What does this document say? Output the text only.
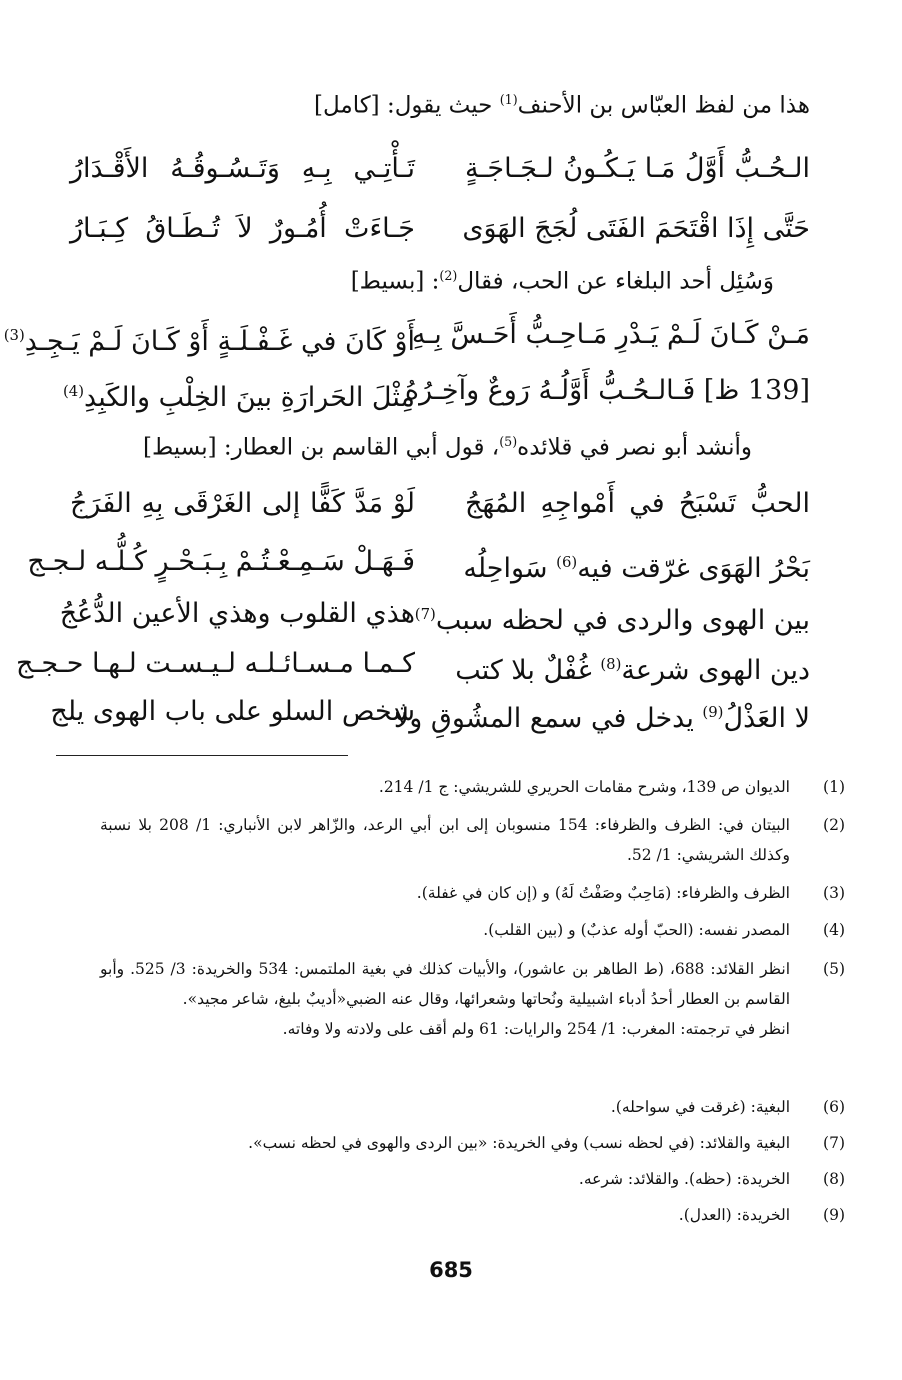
هذا من لفظ العبّاس بن الأحنف$^{(1)}$ حيث يقول: [كامل]
الـحُـبُّ أَوَّلُ مَـا يَـكُـونُ لـجَـاجَـةٍ
تَـأْتِـي بِـهِ وَتَـسُـوقُـهُ الأَقْـدَارُ
حَتَّى إِذَا اقْتَحَمَ الفَتَى لُجَجَ الهَوَى
جَـاءَتْ أُمُـورٌ لاَ تُـطَـاقُ كِـبَـارُ
وَسُئِل أحد البلغاء عن الحب، فقال$^{(2)}$: [بسيط]
مَـنْ كَـانَ لَـمْ يَـدْرِ مَـاحِـبُّ أَحَـسَّ بِـهِ
أَوْ كَانَ في غَـفْـلَـةٍ أَوْ كَـانَ لَـمْ يَـجِـدِ$^{(3)}$
[139 ظ] فَـالـحُـبُّ أَوَّلُـهُ رَوعٌ وآخِـرُهُ
مِثْلَ الحَرارَةِ بينَ الخِلْبِ والكَبِدِ$^{(4)}$
وأنشد أبو نصر في قلائده$^{(5)}$، قول أبي القاسم بن العطار: [بسيط]
الحبُّ تَسْبَحُ في أَمْواجِهِ المُهَجُ
لَوْ مَدَّ كَفًّا إلى الغَرْقَى بِهِ الفَرَجُ
بَحْرُ الهَوَى غرّقت فيه$^{(6)}$ سَواحِلُه
فَـهَـلْ سَـمِـعْـتُـمْ بِـبَـحْـرٍ كُـلُّـه لـجـج
بين الهوى والردى في لحظه سبب$^{(7)}$
هذي القلوب وهذي الأعين الدُّعُجُ
دين الهوى شرعة$^{(8)}$ غُفْلٌ بلا كتب
كـمـا مـسـائـلـه لـيـسـت لـهـا حـجـج
لا العَذْلُ$^{(9)}$ يدخل في سمع المشُوقِ ولا
شخص السلو على باب الهوى يلج
(1)
الديوان ص 139، وشرح مقامات الحريري للشريشي: ج 1/ 214.
(2)
البيتان في: الظرف والظرفاء: 154 منسوبان إلى ابن أبي الرعد، والزّاهر لابن الأنباري: 1/ 208 بلا نسبة وكذلك الشريشي: 1/ 52.
(3)
الظرف والظرفاء: (مَاحِبٌ وصَفْتُ لَهُ) و (إن كان في غفلة).
(4)
المصدر نفسه: (الحبّ أوله عذبٌ) و (بين القلب).
(5)
انظر القلائد: 688، (ط الطاهر بن عاشور)، والأبيات كذلك في بغية الملتمس: 534 والخريدة: 3/ 525. وأبو القاسم بن العطار أحدُ أدباء اشبيلية ونُحاتها وشعرائها، وقال عنه الضبي«أديبٌ بليغ، شاعر مجيد».
انظر في ترجمته: المغرب: 1/ 254 والرايات: 61 ولم أقف على ولادته ولا وفاته.
(6)
البغية: (غرقت في سواحله).
(7)
البغية والقلائد: (في لحظه نسب) وفي الخريدة: «بين الردى والهوى في لحظه نسب».
(8)
الخريدة: (حظه). والقلائد: شرعه.
(9)
الخريدة: (العدل).
685
